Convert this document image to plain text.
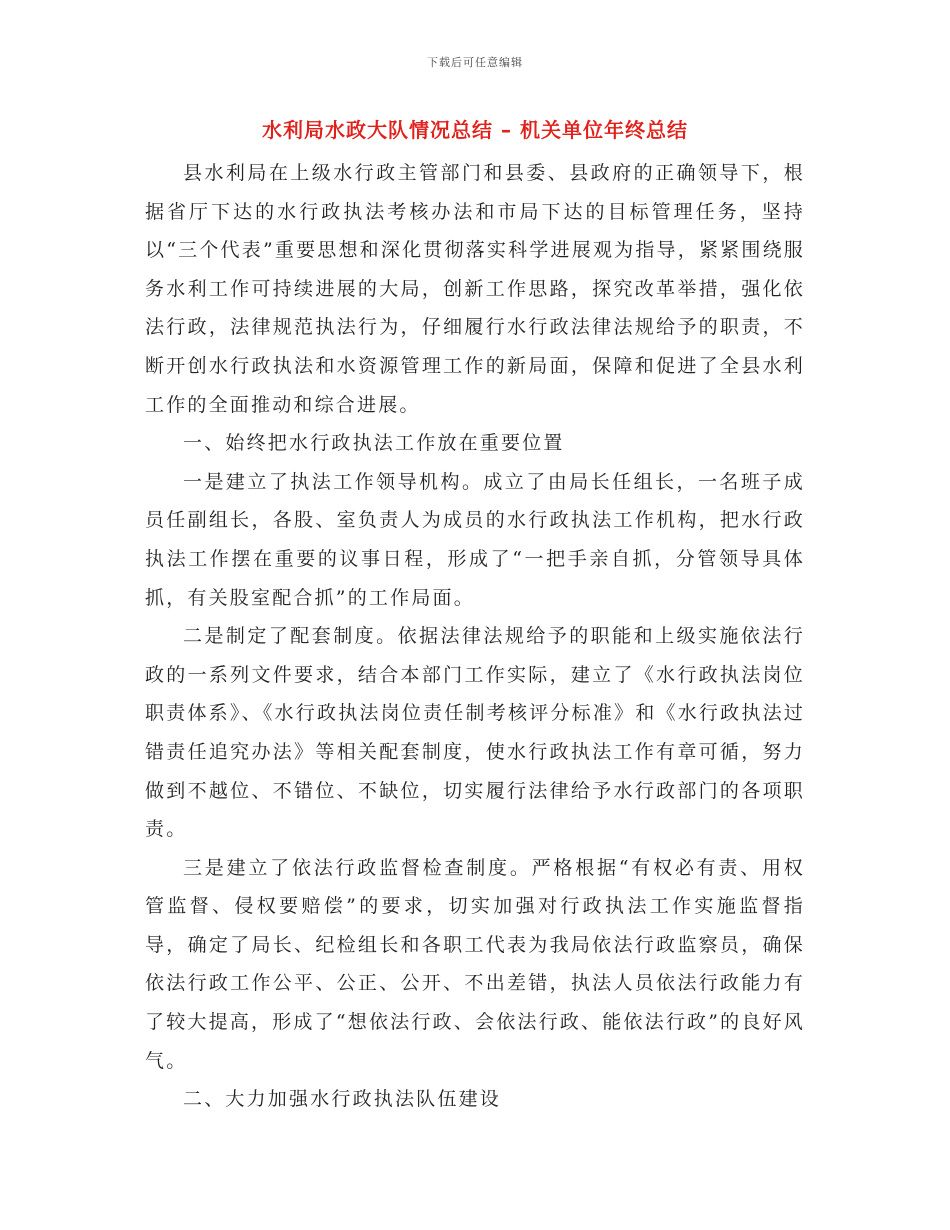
下载后可任意编辑
水利局水政大队情况总结 – 机关单位年终总结

县水利局在上级水行政主管部门和县委、县政府的正确领导下，根据省厅下达的水行政执法考核办法和市局下达的目标管理任务，坚持以“三个代表”重要思想和深化贯彻落实科学进展观为指导，紧紧围绕服务水利工作可持续进展的大局，创新工作思路，探究改革举措，强化依法行政，法律规范执法行为，仔细履行水行政法律法规给予的职责，不断开创水行政执法和水资源管理工作的新局面，保障和促进了全县水利工作的全面推动和综合进展。

一、始终把水行政执法工作放在重要位置

一是建立了执法工作领导机构。成立了由局长任组长，一名班子成员任副组长，各股、室负责人为成员的水行政执法工作机构，把水行政执法工作摆在重要的议事日程，形成了“一把手亲自抓，分管领导具体抓，有关股室配合抓”的工作局面。

二是制定了配套制度。依据法律法规给予的职能和上级实施依法行政的一系列文件要求，结合本部门工作实际，建立了《水行政执法岗位职责体系》、《水行政执法岗位责任制考核评分标准》和《水行政执法过错责任追究办法》等相关配套制度，使水行政执法工作有章可循，努力做到不越位、不错位、不缺位，切实履行法律给予水行政部门的各项职责。

三是建立了依法行政监督检查制度。严格根据“有权必有责、用权管监督、侵权要赔偿”的要求，切实加强对行政执法工作实施监督指导，确定了局长、纪检组长和各职工代表为我局依法行政监察员，确保依法行政工作公平、公正、公开、不出差错，执法人员依法行政能力有了较大提高，形成了“想依法行政、会依法行政、能依法行政”的良好风气。

二、大力加强水行政执法队伍建设
